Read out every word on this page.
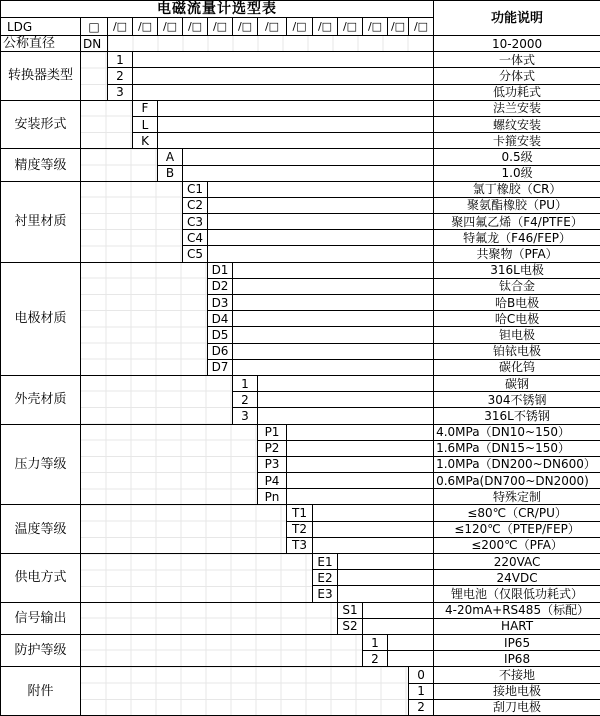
电磁流量计选型表															功能说明
LDG	□	/□	/□	/□	/□	/□	/□	/□	/□	/□	/□	/□	/□	/□	
公称直径	DN														10-2000
转换器类型		1													一体式
		2													分体式
		3													低功耗式
安装形式			F												法兰安装
			L												螺纹安装
			K												卡箍安装
精度等级				A											0.5级
				B											1.0级
衬里材质					C1										氯丁橡胶（CR）
					C2										聚氨酯橡胶（PU）
					C3										聚四氟乙烯（F4/PTFE）
					C4										特氟龙（F46/FEP）
					C5										共聚物（PFA）
电极材质						D1									316L电极
						D2									钛合金
						D3									哈B电极
						D4									哈C电极
						D5									钽电极
						D6									铂铱电极
						D7									碳化钨
外壳材质							1								碳钢
							2								304不锈钢
							3								316L不锈钢
压力等级								P1							4.0MPa（DN10~150）
								P2							1.6MPa（DN15~150）
								P3							1.0MPa（DN200~DN600）
								P4							0.6MPa(DN700~DN2000)
								Pn							特殊定制
温度等级									T1						≤80℃（CR/PU）
									T2						≤120℃（PTEP/FEP）
									T3						≤200℃（PFA）
供电方式										E1					220VAC
										E2					24VDC
										E3					锂电池（仅限低功耗式）
信号输出											S1				4-20mA+RS485（标配）
											S2				HART
防护等级												1			IP65
												2			IP68
附件														0	不接地
														1	接地电极
														2	刮刀电极
